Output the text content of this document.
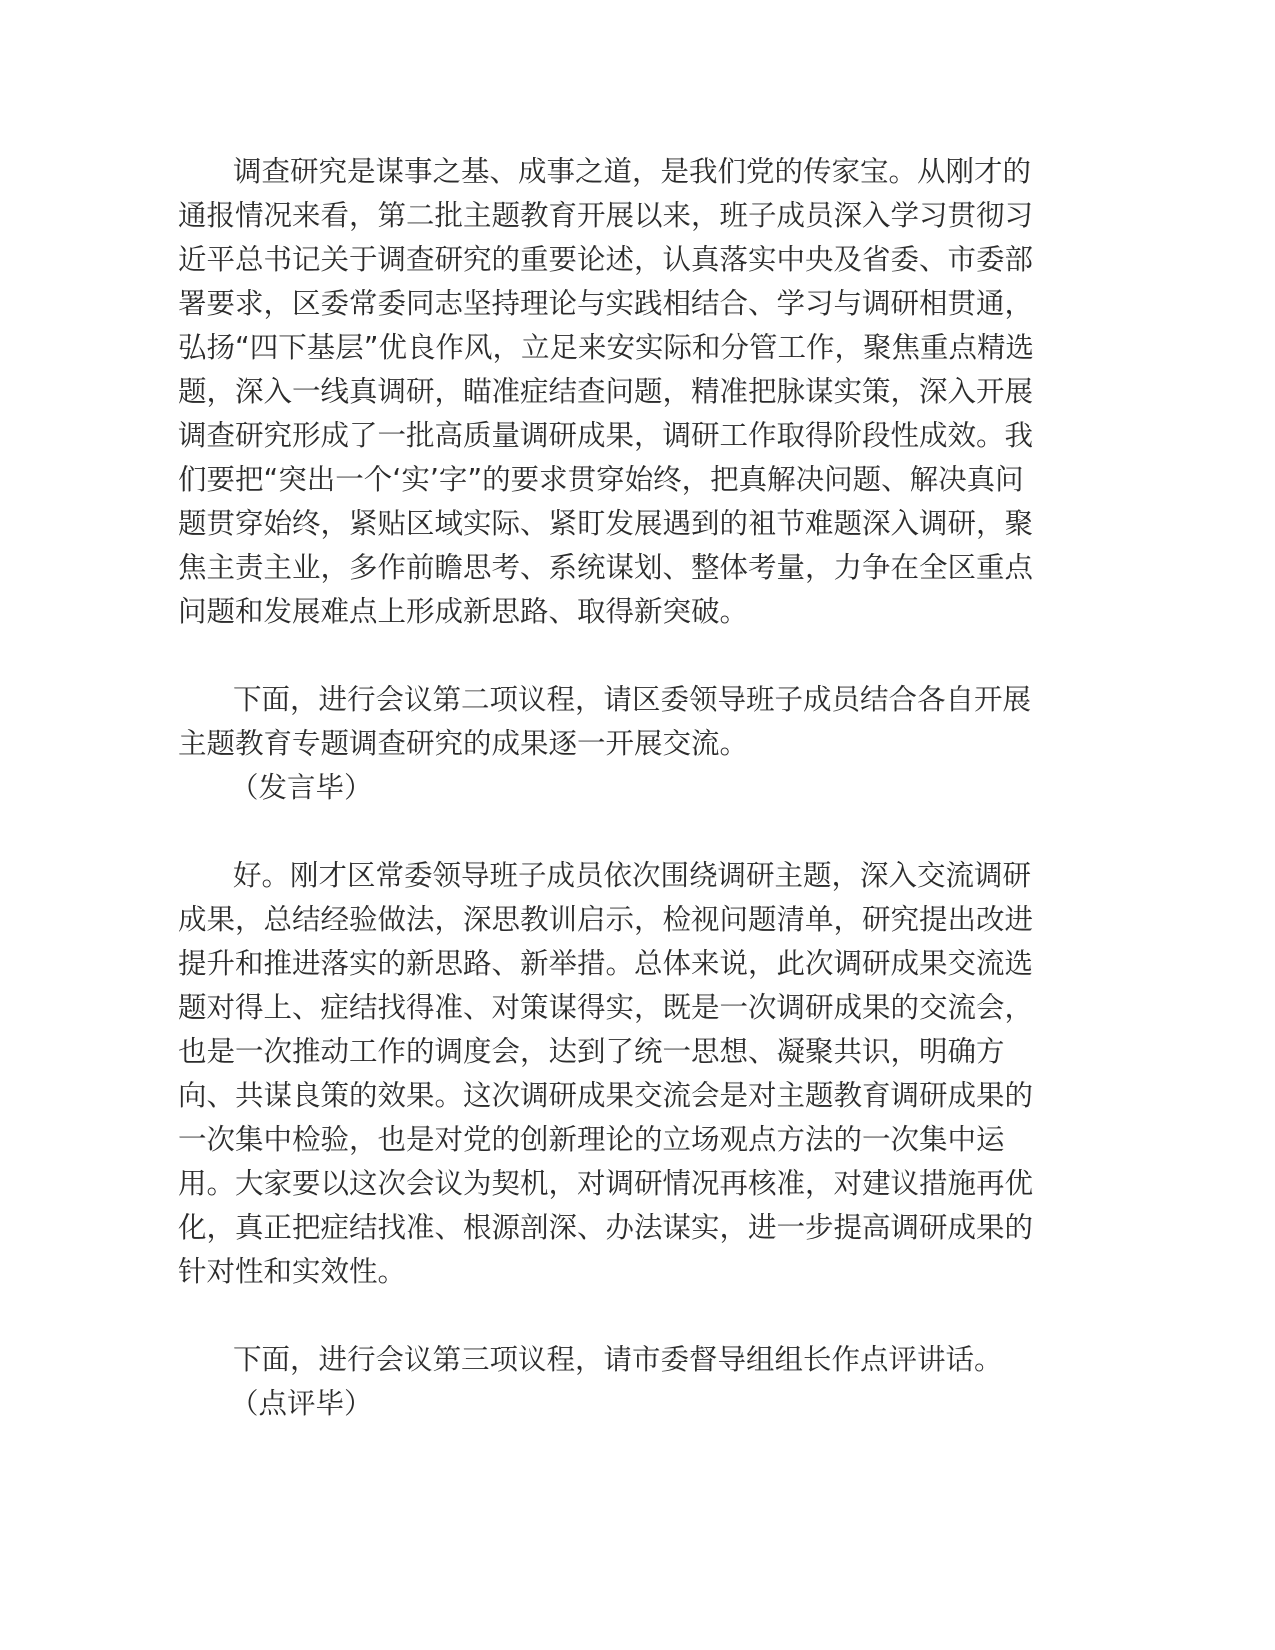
调查研究是谋事之基、成事之道，是我们党的传家宝。从刚才的通报情况来看，第二批主题教育开展以来，班子成员深入学习贯彻习近平总书记关于调查研究的重要论述，认真落实中央及省委、市委部署要求，区委常委同志坚持理论与实践相结合、学习与调研相贯通，弘扬“四下基层”优良作风，立足来安实际和分管工作，聚焦重点精选题，深入一线真调研，瞄准症结查问题，精准把脉谋实策，深入开展调查研究形成了一批高质量调研成果，调研工作取得阶段性成效。我们要把“突出一个‘实’字”的要求贯穿始终，把真解决问题、解决真问题贯穿始终，紧贴区域实际、紧盯发展遇到的袓节难题深入调研，聚焦主责主业，多作前瞻思考、系统谋划、整体考量，力争在全区重点问题和发展难点上形成新思路、取得新突破。

下面，进行会议第二项议程，请区委领导班子成员结合各自开展主题教育专题调查研究的成果逐一开展交流。

（发言毕）

好。刚才区常委领导班子成员依次围绕调研主题，深入交流调研成果，总结经验做法，深思教训启示，检视问题清单，研究提出改进提升和推进落实的新思路、新举措。总体来说，此次调研成果交流选题对得上、症结找得准、对策谋得实，既是一次调研成果的交流会，也是一次推动工作的调度会，达到了统一思想、凝聚共识，明确方向、共谋良策的效果。这次调研成果交流会是对主题教育调研成果的一次集中检验，也是对党的创新理论的立场观点方法的一次集中运用。大家要以这次会议为契机，对调研情况再核准，对建议措施再优化，真正把症结找准、根源剖深、办法谋实，进一步提高调研成果的针对性和实效性。

下面，进行会议第三项议程，请市委督导组组长作点评讲话。

（点评毕）
